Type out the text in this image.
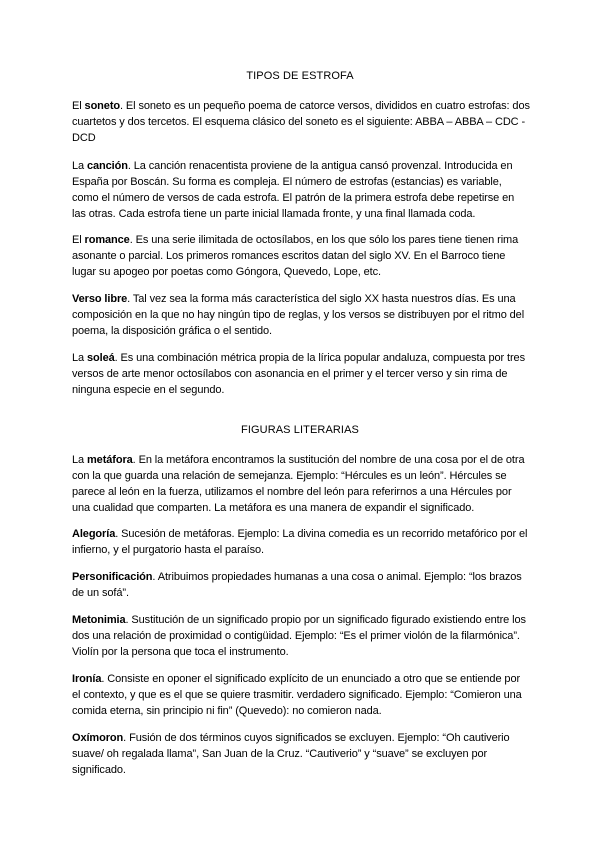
TIPOS DE ESTROFA

El soneto. El soneto es un pequeño poema de catorce versos, divididos en cuatro estrofas: dos cuartetos y dos tercetos. El esquema clásico del soneto es el siguiente: ABBA – ABBA – CDC -DCD

La canción. La canción renacentista proviene de la antigua cansó provenzal. Introducida en España por Boscán. Su forma es compleja. El número de estrofas (estancias) es variable, como el número de versos de cada estrofa. El patrón de la primera estrofa debe repetirse en las otras. Cada estrofa tiene un parte inicial llamada fronte, y una final llamada coda.

El romance. Es una serie ilimitada de octosílabos, en los que sólo los pares tiene tienen rima asonante o parcial. Los primeros romances escritos datan del siglo XV. En el Barroco tiene lugar su apogeo por poetas como Góngora, Quevedo, Lope, etc.

Verso libre. Tal vez sea la forma más característica del siglo XX hasta nuestros días. Es una composición en la que no hay ningún tipo de reglas, y los versos se distribuyen por el ritmo del poema, la disposición gráfica o el sentido.

La soleá. Es una combinación métrica propia de la lírica popular andaluza, compuesta por tres versos de arte menor octosílabos con asonancia en el primer y el tercer verso y sin rima de ninguna especie en el segundo.

FIGURAS LITERARIAS

La metáfora. En la metáfora encontramos la sustitución del nombre de una cosa por el de otra con la que guarda una relación de semejanza. Ejemplo: “Hércules es un león”. Hércules se parece al león en la fuerza, utilizamos el nombre del león para referirnos a una Hércules por una cualidad que comparten. La metáfora es una manera de expandir el significado.

Alegoría. Sucesión de metáforas. Ejemplo: La divina comedia es un recorrido metafórico por el infierno, y el purgatorio hasta el paraíso.

Personificación. Atribuimos propiedades humanas a una cosa o animal. Ejemplo: “los brazos de un sofá”.

Metonimia. Sustitución de un significado propio por un significado figurado existiendo entre los dos una relación de proximidad o contigüidad. Ejemplo: “Es el primer violón de la filarmónica”. Violín por la persona que toca el instrumento.

Ironía. Consiste en oponer el significado explícito de un enunciado a otro que se entiende por el contexto, y que es el que se quiere trasmitir. verdadero significado. Ejemplo: “Comieron una comida eterna, sin principio ni fin” (Quevedo): no comieron nada.

Oxímoron. Fusión de dos términos cuyos significados se excluyen. Ejemplo: “Oh cautiverio suave/ oh regalada llama”, San Juan de la Cruz. “Cautiverio” y “suave” se excluyen por significado.
